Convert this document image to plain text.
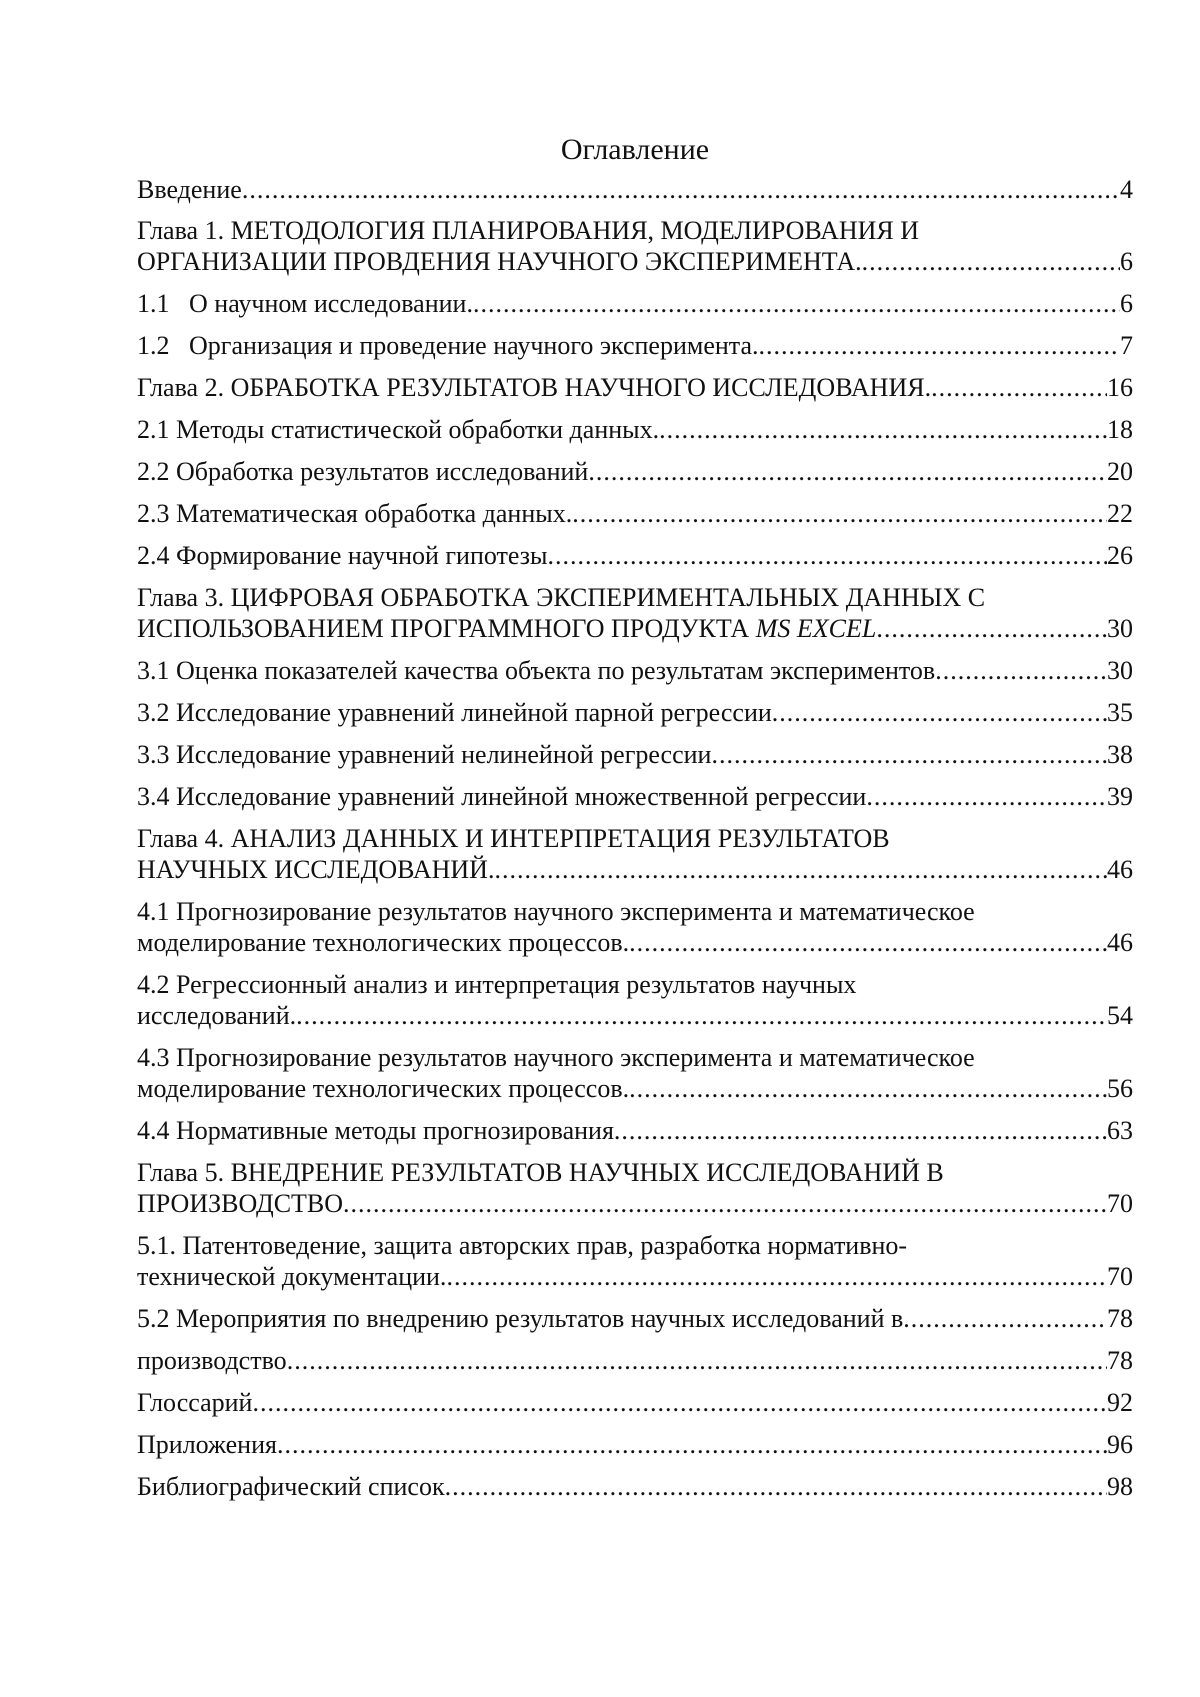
Оглавление
Введение .....	4
Глава 1. МЕТОДОЛОГИЯ ПЛАНИРОВАНИЯ, МОДЕЛИРОВАНИЯ И
ОРГАНИЗАЦИИ ПРОВДЕНИЯ НАУЧНОГО ЭКСПЕРИМЕНТА. .....	6
1.1 О научном исследовании. .....	6
1.2 Организация и проведение научного эксперимента. .....	7
Глава 2. ОБРАБОТКА РЕЗУЛЬТАТОВ НАУЧНОГО ИССЛЕДОВАНИЯ. .....	16
2.1 Методы статистической обработки данных. .....	18
2.2 Обработка результатов исследований .....	20
2.3 Математическая обработка данных. .....	22
2.4 Формирование научной гипотезы .....	26
Глава 3. ЦИФРОВАЯ ОБРАБОТКА ЭКСПЕРИМЕНТАЛЬНЫХ ДАННЫХ С
ИСПОЛЬЗОВАНИЕМ ПРОГРАММНОГО ПРОДУКТА MS EXCEL .....	30
3.1 Оценка показателей качества объекта по результатам экспериментов .....	30
3.2 Исследование уравнений линейной парной регрессии .....	35
3.3 Исследование уравнений нелинейной регрессии .....	38
3.4 Исследование уравнений линейной множественной регрессии .....	39
Глава 4. АНАЛИЗ ДАННЫХ И ИНТЕРПРЕТАЦИЯ РЕЗУЛЬТАТОВ
НАУЧНЫХ ИССЛЕДОВАНИЙ. .....	46
4.1 Прогнозирование результатов научного эксперимента и математическое
моделирование технологических процессов. .....	46
4.2 Регрессионный анализ и интерпретация результатов научных
исследований. .....	54
4.3 Прогнозирование результатов научного эксперимента и математическое
моделирование технологических процессов. .....	56
4.4 Нормативные методы прогнозирования .....	63
Глава 5. ВНЕДРЕНИЕ РЕЗУЛЬТАТОВ НАУЧНЫХ ИССЛЕДОВАНИЙ В
ПРОИЗВОДСТВО .....	70
5.1. Патентоведение, защита авторских прав, разработка нормативно-
технической документации. .....	70
5.2 Мероприятия по внедрению результатов научных исследований в .....	78
производство .....	78
Глоссарий .....	92
Приложения .....	96
Библиографический список .....	98
